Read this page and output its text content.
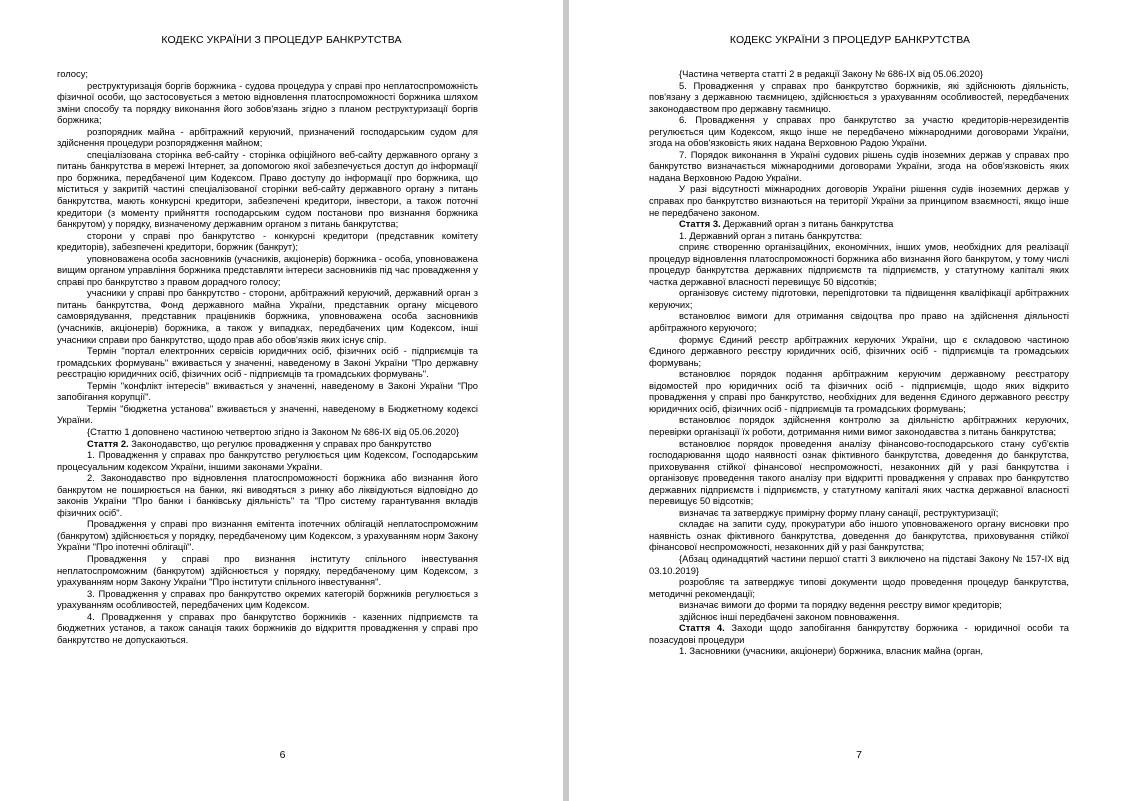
КОДЕКС УКРАЇНИ З ПРОЦЕДУР БАНКРУТСТВА

голосу;

реструктуризація боргів боржника - судова процедура у справі про неплатоспроможність фізичної особи, що застосовується з метою відновлення платоспроможності боржника шляхом зміни способу та порядку виконання його зобов'язань згідно з планом реструктуризації боргів боржника;

розпорядник майна - арбітражний керуючий, призначений господарським судом для здійснення процедури розпорядження майном;

спеціалізована сторінка веб-сайту - сторінка офіційного веб-сайту державного органу з питань банкрутства в мережі Інтернет, за допомогою якої забезпечується доступ до інформації про боржника, передбаченої цим Кодексом. Право доступу до інформації про боржника, що міститься у закритій частині спеціалізованої сторінки веб-сайту державного органу з питань банкрутства, мають конкурсні кредитори, забезпечені кредитори, інвестори, а також поточні кредитори (з моменту прийняття господарським судом постанови про визнання боржника банкрутом) у порядку, визначеному державним органом з питань банкрутства;

сторони у справі про банкрутство - конкурсні кредитори (представник комітету кредиторів), забезпечені кредитори, боржник (банкрут);

уповноважена особа засновників (учасників, акціонерів) боржника - особа, уповноважена вищим органом управління боржника представляти інтереси засновників під час провадження у справі про банкрутство з правом дорадчого голосу;

учасники у справі про банкрутство - сторони, арбітражний керуючий, державний орган з питань банкрутства, Фонд державного майна України, представник органу місцевого самоврядування, представник працівників боржника, уповноважена особа засновників (учасників, акціонерів) боржника, а також у випадках, передбачених цим Кодексом, інші учасники справи про банкрутство, щодо прав або обов'язків яких існує спір.

Термін "портал електронних сервісів юридичних осіб, фізичних осіб - підприємців та громадських формувань" вживається у значенні, наведеному в Законі України "Про державну реєстрацію юридичних осіб, фізичних осіб - підприємців та громадських формувань".

Термін "конфлікт інтересів" вживається у значенні, наведеному в Законі України "Про запобігання корупції".

Термін "бюджетна установа" вживається у значенні, наведеному в Бюджетному кодексі України.

{Статтю 1 доповнено частиною четвертою згідно із Законом № 686-IX від 05.06.2020}

Стаття 2. Законодавство, що регулює провадження у справах про банкрутство

1. Провадження у справах про банкрутство регулюється цим Кодексом, Господарським процесуальним кодексом України, іншими законами України.

2. Законодавство про відновлення платоспроможності боржника або визнання його банкрутом не поширюється на банки, які виводяться з ринку або ліквідуються відповідно до законів України "Про банки і банківську діяльність" та "Про систему гарантування вкладів фізичних осіб".

Провадження у справі про визнання емітента іпотечних облігацій неплатоспроможним (банкрутом) здійснюється у порядку, передбаченому цим Кодексом, з урахуванням норм Закону України "Про іпотечні облігації".

Провадження у справі про визнання інституту спільного інвестування неплатоспроможним (банкрутом) здійснюється у порядку, передбаченому цим Кодексом, з урахуванням норм Закону України "Про інститути спільного інвестування".

3. Провадження у справах про банкрутство окремих категорій боржників регулюється з урахуванням особливостей, передбачених цим Кодексом.

4. Провадження у справах про банкрутство боржників - казенних підприємств та бюджетних установ, а також санація таких боржників до відкриття провадження у справі про банкрутство не допускаються.

6
КОДЕКС УКРАЇНИ З ПРОЦЕДУР БАНКРУТСТВА

{Частина четверта статті 2 в редакції Закону № 686-IX від 05.06.2020}

5. Провадження у справах про банкрутство боржників, які здійснюють діяльність, пов'язану з державною таємницею, здійснюється з урахуванням особливостей, передбачених законодавством про державну таємницю.

6. Провадження у справах про банкрутство за участю кредиторів-нерезидентів регулюється цим Кодексом, якщо інше не передбачено міжнародними договорами України, згода на обов'язковість яких надана Верховною Радою України.

7. Порядок виконання в Україні судових рішень судів іноземних держав у справах про банкрутство визначається міжнародними договорами України, згода на обов'язковість яких надана Верховною Радою України.

У разі відсутності міжнародних договорів України рішення судів іноземних держав у справах про банкрутство визнаються на території України за принципом взаємності, якщо інше не передбачено законом.

Стаття 3. Державний орган з питань банкрутства

1. Державний орган з питань банкрутства:

сприяє створенню організаційних, економічних, інших умов, необхідних для реалізації процедур відновлення платоспроможності боржника або визнання його банкрутом, у тому числі процедур банкрутства державних підприємств та підприємств, у статутному капіталі яких частка державної власності перевищує 50 відсотків;

організовує систему підготовки, перепідготовки та підвищення кваліфікації арбітражних керуючих;

встановлює вимоги для отримання свідоцтва про право на здійснення діяльності арбітражного керуючого;

формує Єдиний реєстр арбітражних керуючих України, що є складовою частиною Єдиного державного реєстру юридичних осіб, фізичних осіб - підприємців та громадських формувань;

встановлює порядок подання арбітражним керуючим державному реєстратору відомостей про юридичних осіб та фізичних осіб - підприємців, щодо яких відкрито провадження у справі про банкрутство, необхідних для ведення Єдиного державного реєстру юридичних осіб, фізичних осіб - підприємців та громадських формувань;

встановлює порядок здійснення контролю за діяльністю арбітражних керуючих, перевірки організації їх роботи, дотримання ними вимог законодавства з питань банкрутства;

встановлює порядок проведення аналізу фінансово-господарського стану суб'єктів господарювання щодо наявності ознак фіктивного банкрутства, доведення до банкрутства, приховування стійкої фінансової неспроможності, незаконних дій у разі банкрутства і організовує проведення такого аналізу при відкритті провадження у справах про банкрутство державних підприємств і підприємств, у статутному капіталі яких частка державної власності перевищує 50 відсотків;

визначає та затверджує примірну форму плану санації, реструктуризації;

складає на запити суду, прокуратури або іншого уповноваженого органу висновки про наявність ознак фіктивного банкрутства, доведення до банкрутства, приховування стійкої фінансової неспроможності, незаконних дій у разі банкрутства;

{Абзац одинадцятий частини першої статті 3 виключено на підставі Закону № 157-IX від 03.10.2019}

розробляє та затверджує типові документи щодо проведення процедур банкрутства, методичні рекомендації;

визначає вимоги до форми та порядку ведення реєстру вимог кредиторів;

здійснює інші передбачені законом повноваження.

Стаття 4. Заходи щодо запобігання банкрутству боржника - юридичної особи та позасудові процедури

1. Засновники (учасники, акціонери) боржника, власник майна (орган,

7
